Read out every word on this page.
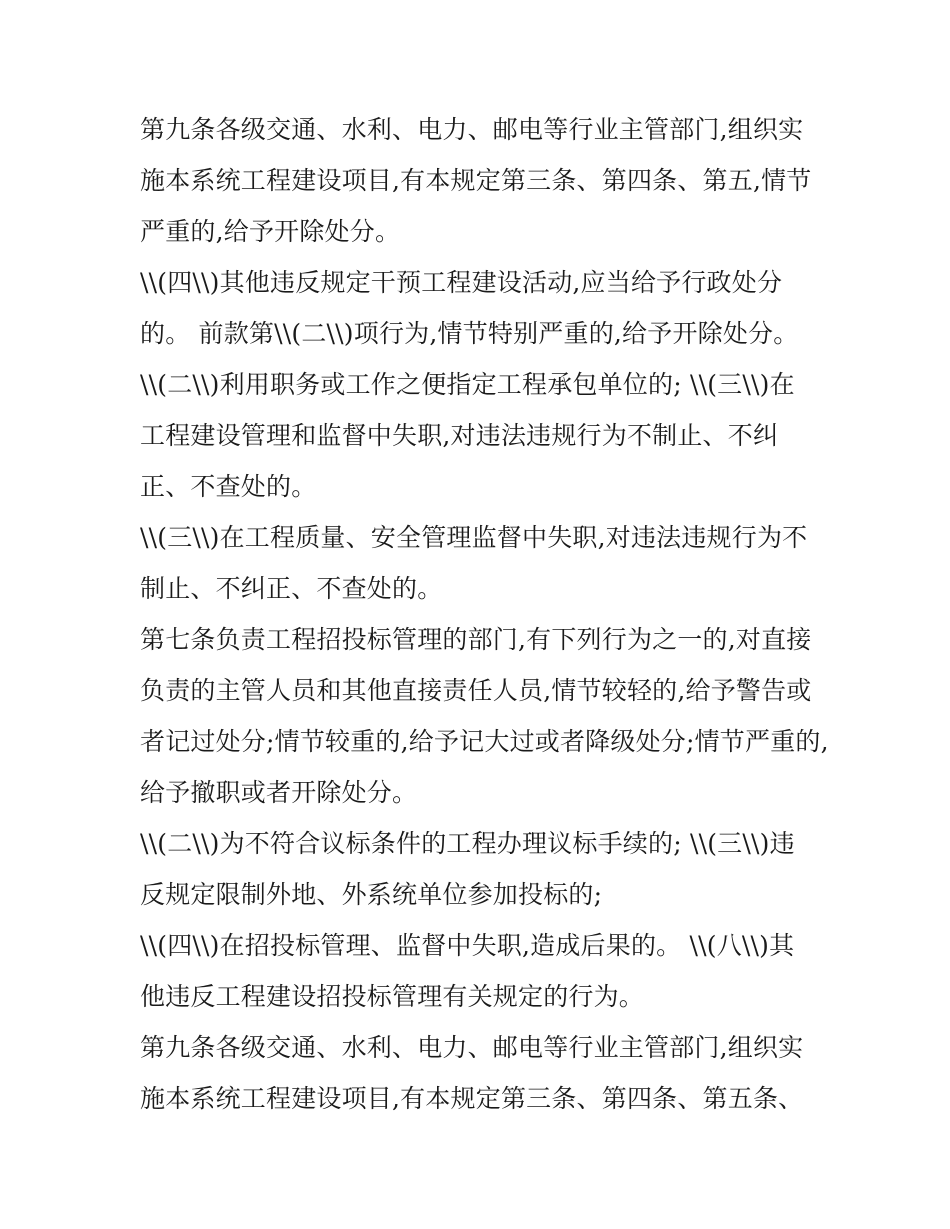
第九条各级交通、水利、电力、邮电等行业主管部门,组织实
施本系统工程建设项目,有本规定第三条、第四条、第五,情节
严重的,给予开除处分。
\\(四\\)其他违反规定干预工程建设活动,应当给予行政处分
的。 前款第\\(二\\)项行为,情节特别严重的,给予开除处分。
\\(二\\)利用职务或工作之便指定工程承包单位的; \\(三\\)在
工程建设管理和监督中失职,对违法违规行为不制止、不纠
正、不查处的。
\\(三\\)在工程质量、安全管理监督中失职,对违法违规行为不
制止、不纠正、不查处的。
第七条负责工程招投标管理的部门,有下列行为之一的,对直接
负责的主管人员和其他直接责任人员,情节较轻的,给予警告或
者记过处分;情节较重的,给予记大过或者降级处分;情节严重的,
给予撤职或者开除处分。
\\(二\\)为不符合议标条件的工程办理议标手续的; \\(三\\)违
反规定限制外地、外系统单位参加投标的;
\\(四\\)在招投标管理、监督中失职,造成后果的。 \\(八\\)其
他违反工程建设招投标管理有关规定的行为。
第九条各级交通、水利、电力、邮电等行业主管部门,组织实
施本系统工程建设项目,有本规定第三条、第四条、第五条、
